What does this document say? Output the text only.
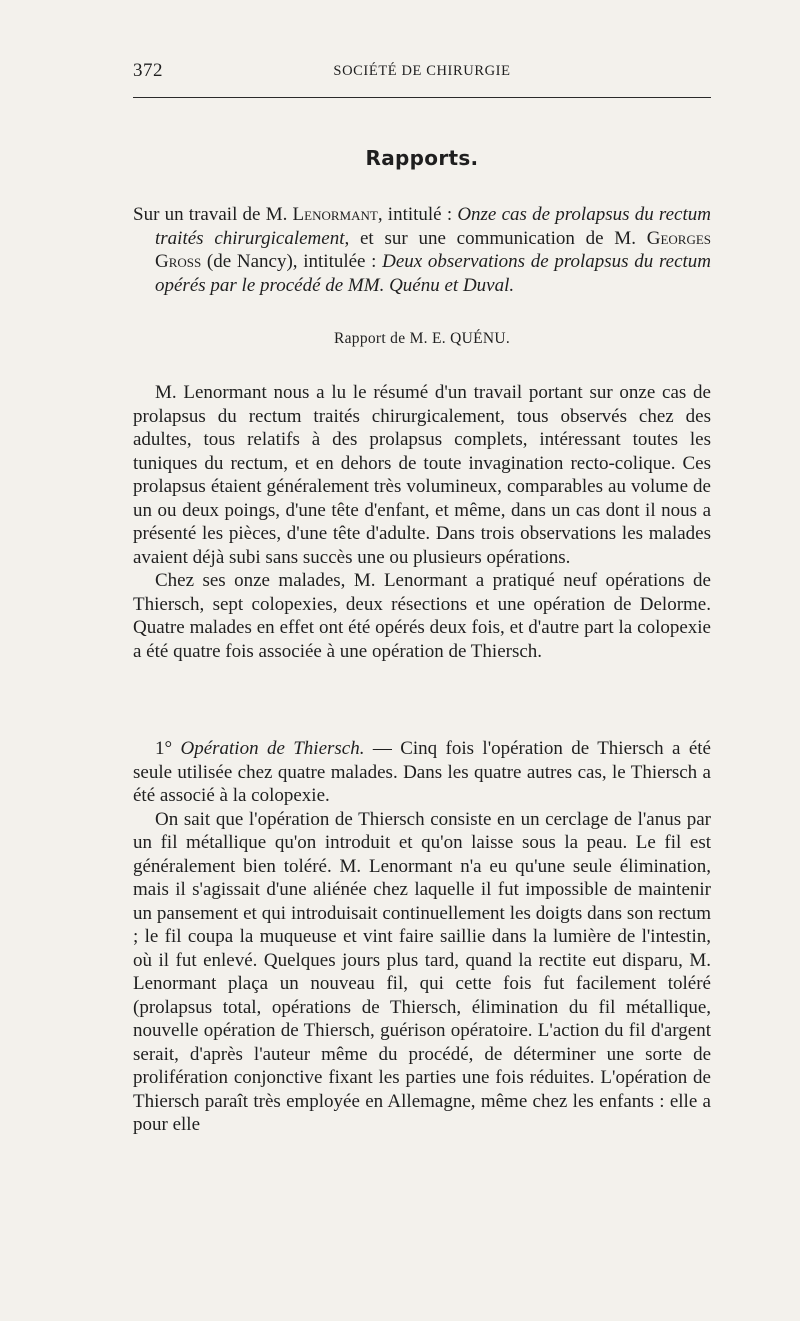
372	SOCIÉTÉ DE CHIRURGIE
Rapports.

Sur un travail de M. Lenormant, intitulé : Onze cas de prolapsus du rectum traités chirurgicalement, et sur une communication de M. Georges Gross (de Nancy), intitulée : Deux observations de prolapsus du rectum opérés par le procédé de MM. Quénu et Duval.

Rapport de M. E. QUÉNU.

M. Lenormant nous a lu le résumé d'un travail portant sur onze cas de prolapsus du rectum traités chirurgicalement, tous observés chez des adultes, tous relatifs à des prolapsus complets, intéressant toutes les tuniques du rectum, et en dehors de toute invagination recto-colique. Ces prolapsus étaient généralement très volumineux, comparables au volume de un ou deux poings, d'une tête d'enfant, et même, dans un cas dont il nous a présenté les pièces, d'une tête d'adulte. Dans trois observations les malades avaient déjà subi sans succès une ou plusieurs opérations.

Chez ses onze malades, M. Lenormant a pratiqué neuf opérations de Thiersch, sept colopexies, deux résections et une opération de Delorme. Quatre malades en effet ont été opérés deux fois, et d'autre part la colopexie a été quatre fois associée à une opération de Thiersch.

1° Opération de Thiersch. — Cinq fois l'opération de Thiersch a été seule utilisée chez quatre malades. Dans les quatre autres cas, le Thiersch a été associé à la colopexie.

On sait que l'opération de Thiersch consiste en un cerclage de l'anus par un fil métallique qu'on introduit et qu'on laisse sous la peau. Le fil est généralement bien toléré. M. Lenormant n'a eu qu'une seule élimination, mais il s'agissait d'une aliénée chez laquelle il fut impossible de maintenir un pansement et qui introduisait continuellement les doigts dans son rectum ; le fil coupa la muqueuse et vint faire saillie dans la lumière de l'intestin, où il fut enlevé. Quelques jours plus tard, quand la rectite eut disparu, M. Lenormant plaça un nouveau fil, qui cette fois fut facilement toléré (prolapsus total, opérations de Thiersch, élimination du fil métallique, nouvelle opération de Thiersch, guérison opératoire. L'action du fil d'argent serait, d'après l'auteur même du procédé, de déterminer une sorte de prolifération conjonctive fixant les parties une fois réduites. L'opération de Thiersch paraît très employée en Allemagne, même chez les enfants : elle a pour elle
